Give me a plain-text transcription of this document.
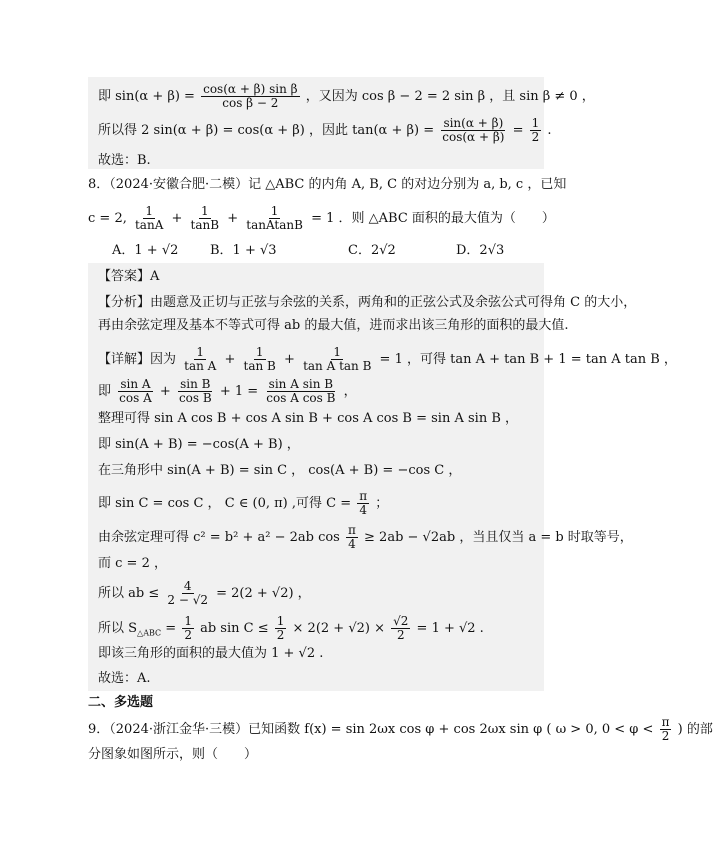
即 $\sin(\alpha + \beta) = \frac{\text{cos(α + β) sin β}}{\text{cos β − 2}}$ ，又因为 cos β − 2 = 2 sin β ，且 sin β ≠ 0 ，
所以得 2 sin(α + β) = cos(α + β) ，因此 $\tan(\alpha + \beta) = \frac{\sin(\alpha + \beta)}{\cos(\alpha + \beta)} = \frac{1}{2}$ .
故选：B.
8．（2024·安徽合肥·二模）记 △ABC 的内角 A, B, C 的对边分别为 a, b, c ，已知
c = 2, $\frac{1}{\tan A} + \frac{1}{\tan B} + \frac{1}{\text{tanAtanB}} = 1$ ．则 △ABC 面积的最大值为（　　）
A．1 + √2 B．1 + √3	C．2√2	D．2√3
【答案】A
【分析】由题意及正切与正弦与余弦的关系，两角和的正弦公式及余弦公式可得角 C 的大小，
再由余弦定理及基本不等式可得 ab 的最大值，进而求出该三角形的面积的最大值.
【详解】因为 $\frac{1}{\text{tan A}} + \frac{1}{\text{tan B}} + \frac{1}{\text{tan A tan B}} = 1$ ，可得 tan A + tan B + 1 = tan A tan B ，
即 $\frac{\text{sin A}}{\text{cos A}} + \frac{\text{sin B}}{\text{cos B}} + 1 = \frac{\text{sin A sin B}}{\text{cos A cos B}}$ ，
整理可得 sin A cos B + cos A sin B + cos A cos B = sin A sin B ，
即 sin(A + B) = −cos(A + B) ，
在三角形中 sin(A + B) = sin C ， cos(A + B) = −cos C ，
即 sin C = cos C ， C ∈ (0, π) ,可得 $C = \frac{\pi}{4}$ ；
由余弦定理可得 c² = b² + a² − 2ab $\cos \frac{\pi}{4} \ge 2ab - √2ab$ ，当且仅当 a = b 时取等号，
而 c = 2 ，
所以 ab ≤ $\frac{4}{2 - √2} = 2(2 + √2)$ ，
所以 $S_{\triangle ABC} = \frac{1}{2}$ ab $\sin C \le \frac{1}{2} \times 2(2 + √2) \times \frac{√2}{2} = 1 + √2$ .
即该三角形的面积的最大值为 1 + √2 .
故选：A.
二、多选题
9．（2024·浙江金华·三模）已知函数 f(x) = sin 2ωx cos φ + cos 2ωx sin φ ( ω > 0, $0 < \varphi < \frac{\pi}{2}$ ) 的部
分图象如图所示，则（　　）
